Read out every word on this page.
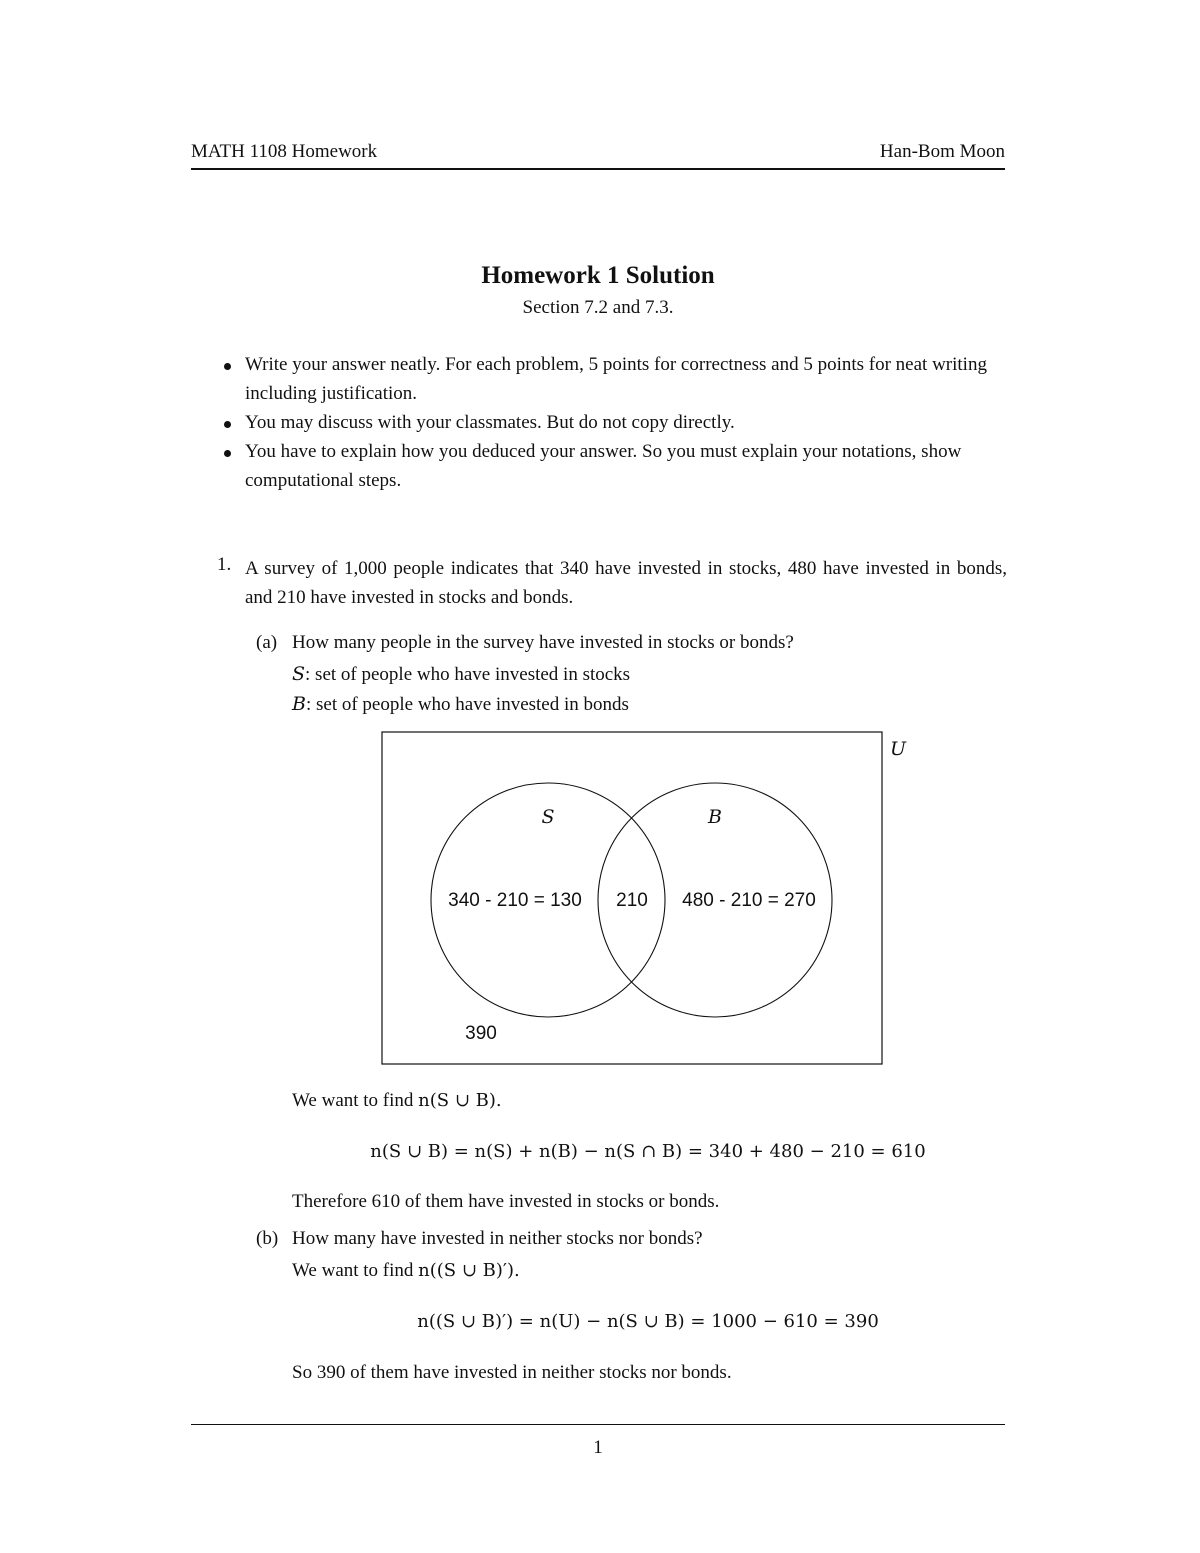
MATH 1108 Homework	Han-Bom Moon
Homework 1 Solution
Section 7.2 and 7.3.
Write your answer neatly. For each problem, 5 points for correctness and 5 points for neat writing including justification.
You may discuss with your classmates. But do not copy directly.
You have to explain how you deduced your answer. So you must explain your notations, show computational steps.
1. A survey of 1,000 people indicates that 340 have invested in stocks, 480 have invested in bonds, and 210 have invested in stocks and bonds.
(a) How many people in the survey have invested in stocks or bonds?
S: set of people who have invested in stocks
B: set of people who have invested in bonds
U
S	B
340 - 210 = 130 210 480 - 210 = 270
390
We want to find n(S ∪ B).
n(S ∪ B) = n(S) + n(B) − n(S ∩ B) = 340 + 480 − 210 = 610
Therefore 610 of them have invested in stocks or bonds.
(b) How many have invested in neither stocks nor bonds?
We want to find n((S ∪ B)′).
n((S ∪ B)′) = n(U) − n(S ∪ B) = 1000 − 610 = 390
So 390 of them have invested in neither stocks nor bonds.
1
